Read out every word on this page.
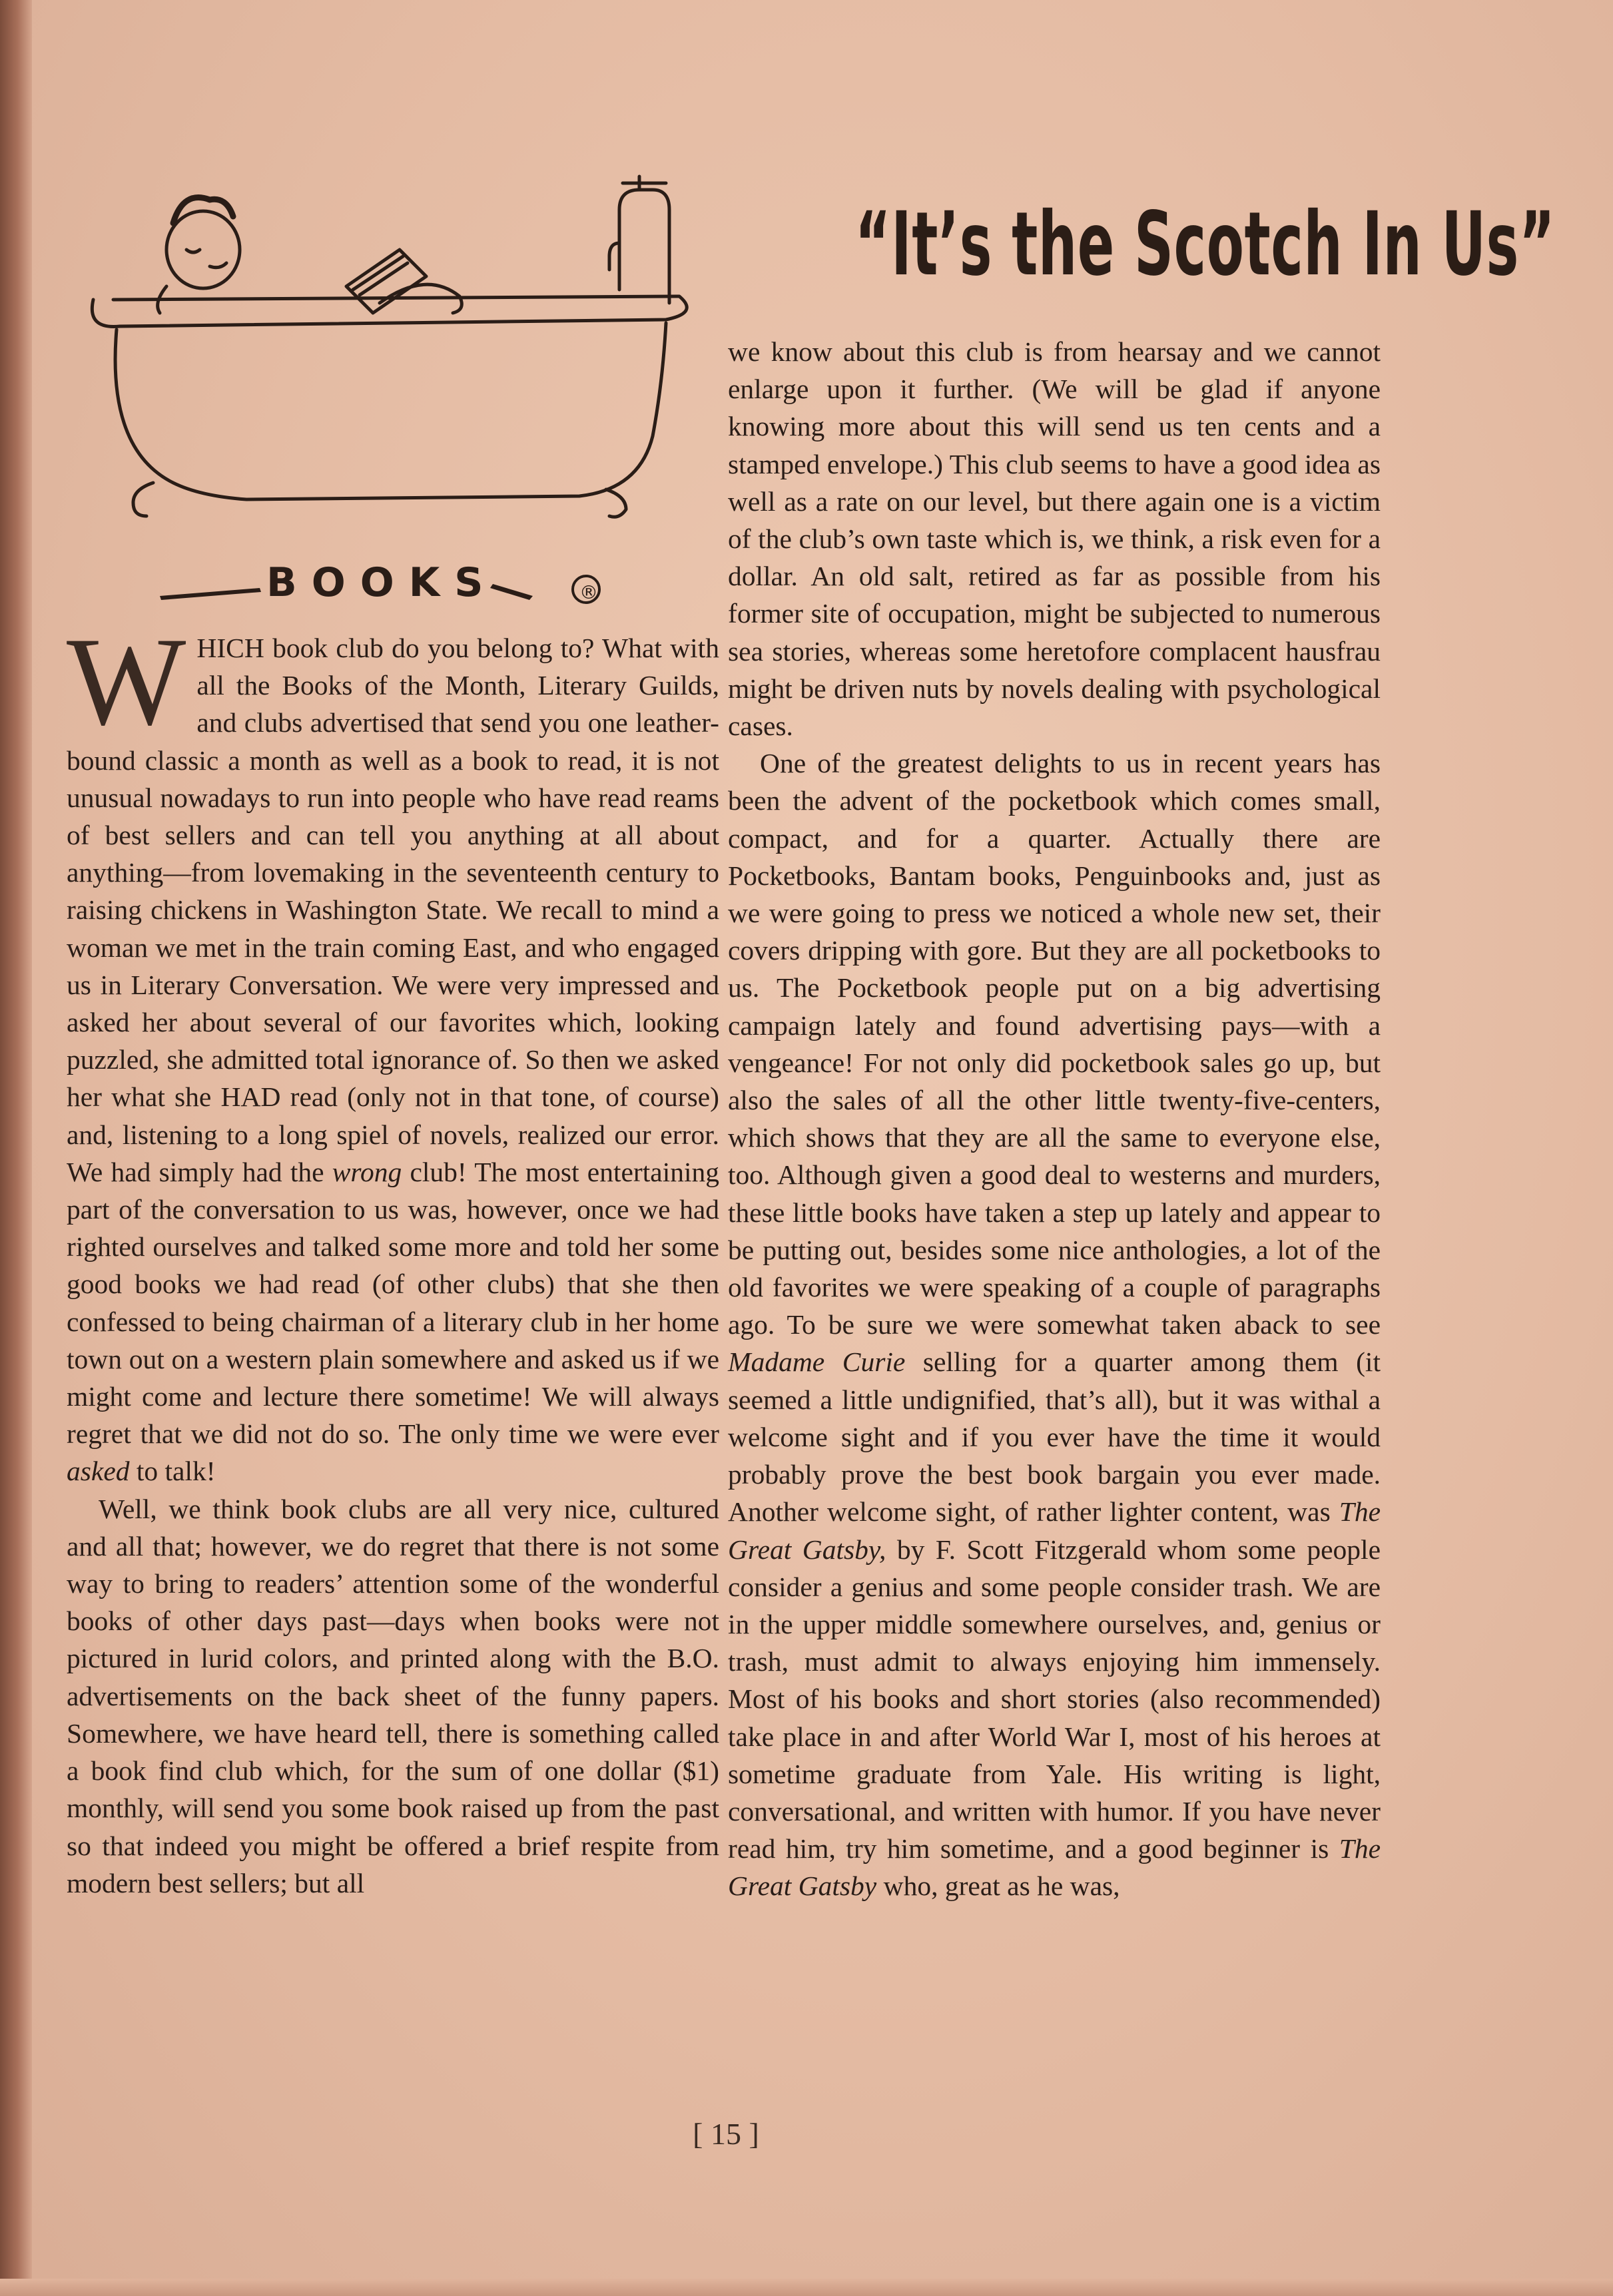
BOOKS	®
“It’s the Scotch In Us”

WHICH book club do you belong to? What with all the Books of the Month, Literary Guilds, and clubs advertised that send you one leather-bound classic a month as well as a book to read, it is not unusual nowadays to run into people who have read reams of best sellers and can tell you anything at all about anything—from lovemaking in the seventeenth century to raising chickens in Washington State. We recall to mind a woman we met in the train coming East, and who engaged us in Literary Conversation. We were very impressed and asked her about several of our favorites which, looking puzzled, she admitted total ignorance of. So then we asked her what she HAD read (only not in that tone, of course) and, listening to a long spiel of novels, realized our error. We had simply had the wrong club! The most entertaining part of the conversation to us was, however, once we had righted ourselves and talked some more and told her some good books we had read (of other clubs) that she then confessed to being chairman of a literary club in her home town out on a western plain somewhere and asked us if we might come and lecture there sometime! We will always regret that we did not do so. The only time we were ever asked to talk!

Well, we think book clubs are all very nice, cultured and all that; however, we do regret that there is not some way to bring to readers’ attention some of the wonderful books of other days past—days when books were not pictured in lurid colors, and printed along with the B.O. advertisements on the back sheet of the funny papers. Somewhere, we have heard tell, there is something called a book find club which, for the sum of one dollar ($1) monthly, will send you some book raised up from the past so that indeed you might be offered a brief respite from modern best sellers; but all

we know about this club is from hearsay and we cannot enlarge upon it further. (We will be glad if anyone knowing more about this will send us ten cents and a stamped envelope.) This club seems to have a good idea as well as a rate on our level, but there again one is a victim of the club’s own taste which is, we think, a risk even for a dollar. An old salt, retired as far as possible from his former site of occupation, might be subjected to numerous sea stories, whereas some heretofore complacent hausfrau might be driven nuts by novels dealing with psychological cases.

One of the greatest delights to us in recent years has been the advent of the pocketbook which comes small, compact, and for a quarter. Actually there are Pocketbooks, Bantam books, Penguinbooks and, just as we were going to press we noticed a whole new set, their covers dripping with gore. But they are all pocketbooks to us. The Pocketbook people put on a big advertising campaign lately and found advertising pays—with a vengeance! For not only did pocketbook sales go up, but also the sales of all the other little twenty-five-centers, which shows that they are all the same to everyone else, too. Although given a good deal to westerns and murders, these little books have taken a step up lately and appear to be putting out, besides some nice anthologies, a lot of the old favorites we were speaking of a couple of paragraphs ago. To be sure we were somewhat taken aback to see Madame Curie selling for a quarter among them (it seemed a little undignified, that’s all), but it was withal a welcome sight and if you ever have the time it would probably prove the best book bargain you ever made. Another welcome sight, of rather lighter content, was The Great Gatsby, by F. Scott Fitzgerald whom some people consider a genius and some people consider trash. We are in the upper middle somewhere ourselves, and, genius or trash, must admit to always enjoying him immensely. Most of his books and short stories (also recommended) take place in and after World War I, most of his heroes at sometime graduate from Yale. His writing is light, conversational, and written with humor. If you have never read him, try him sometime, and a good beginner is The Great Gatsby who, great as he was,

[ 15 ]
